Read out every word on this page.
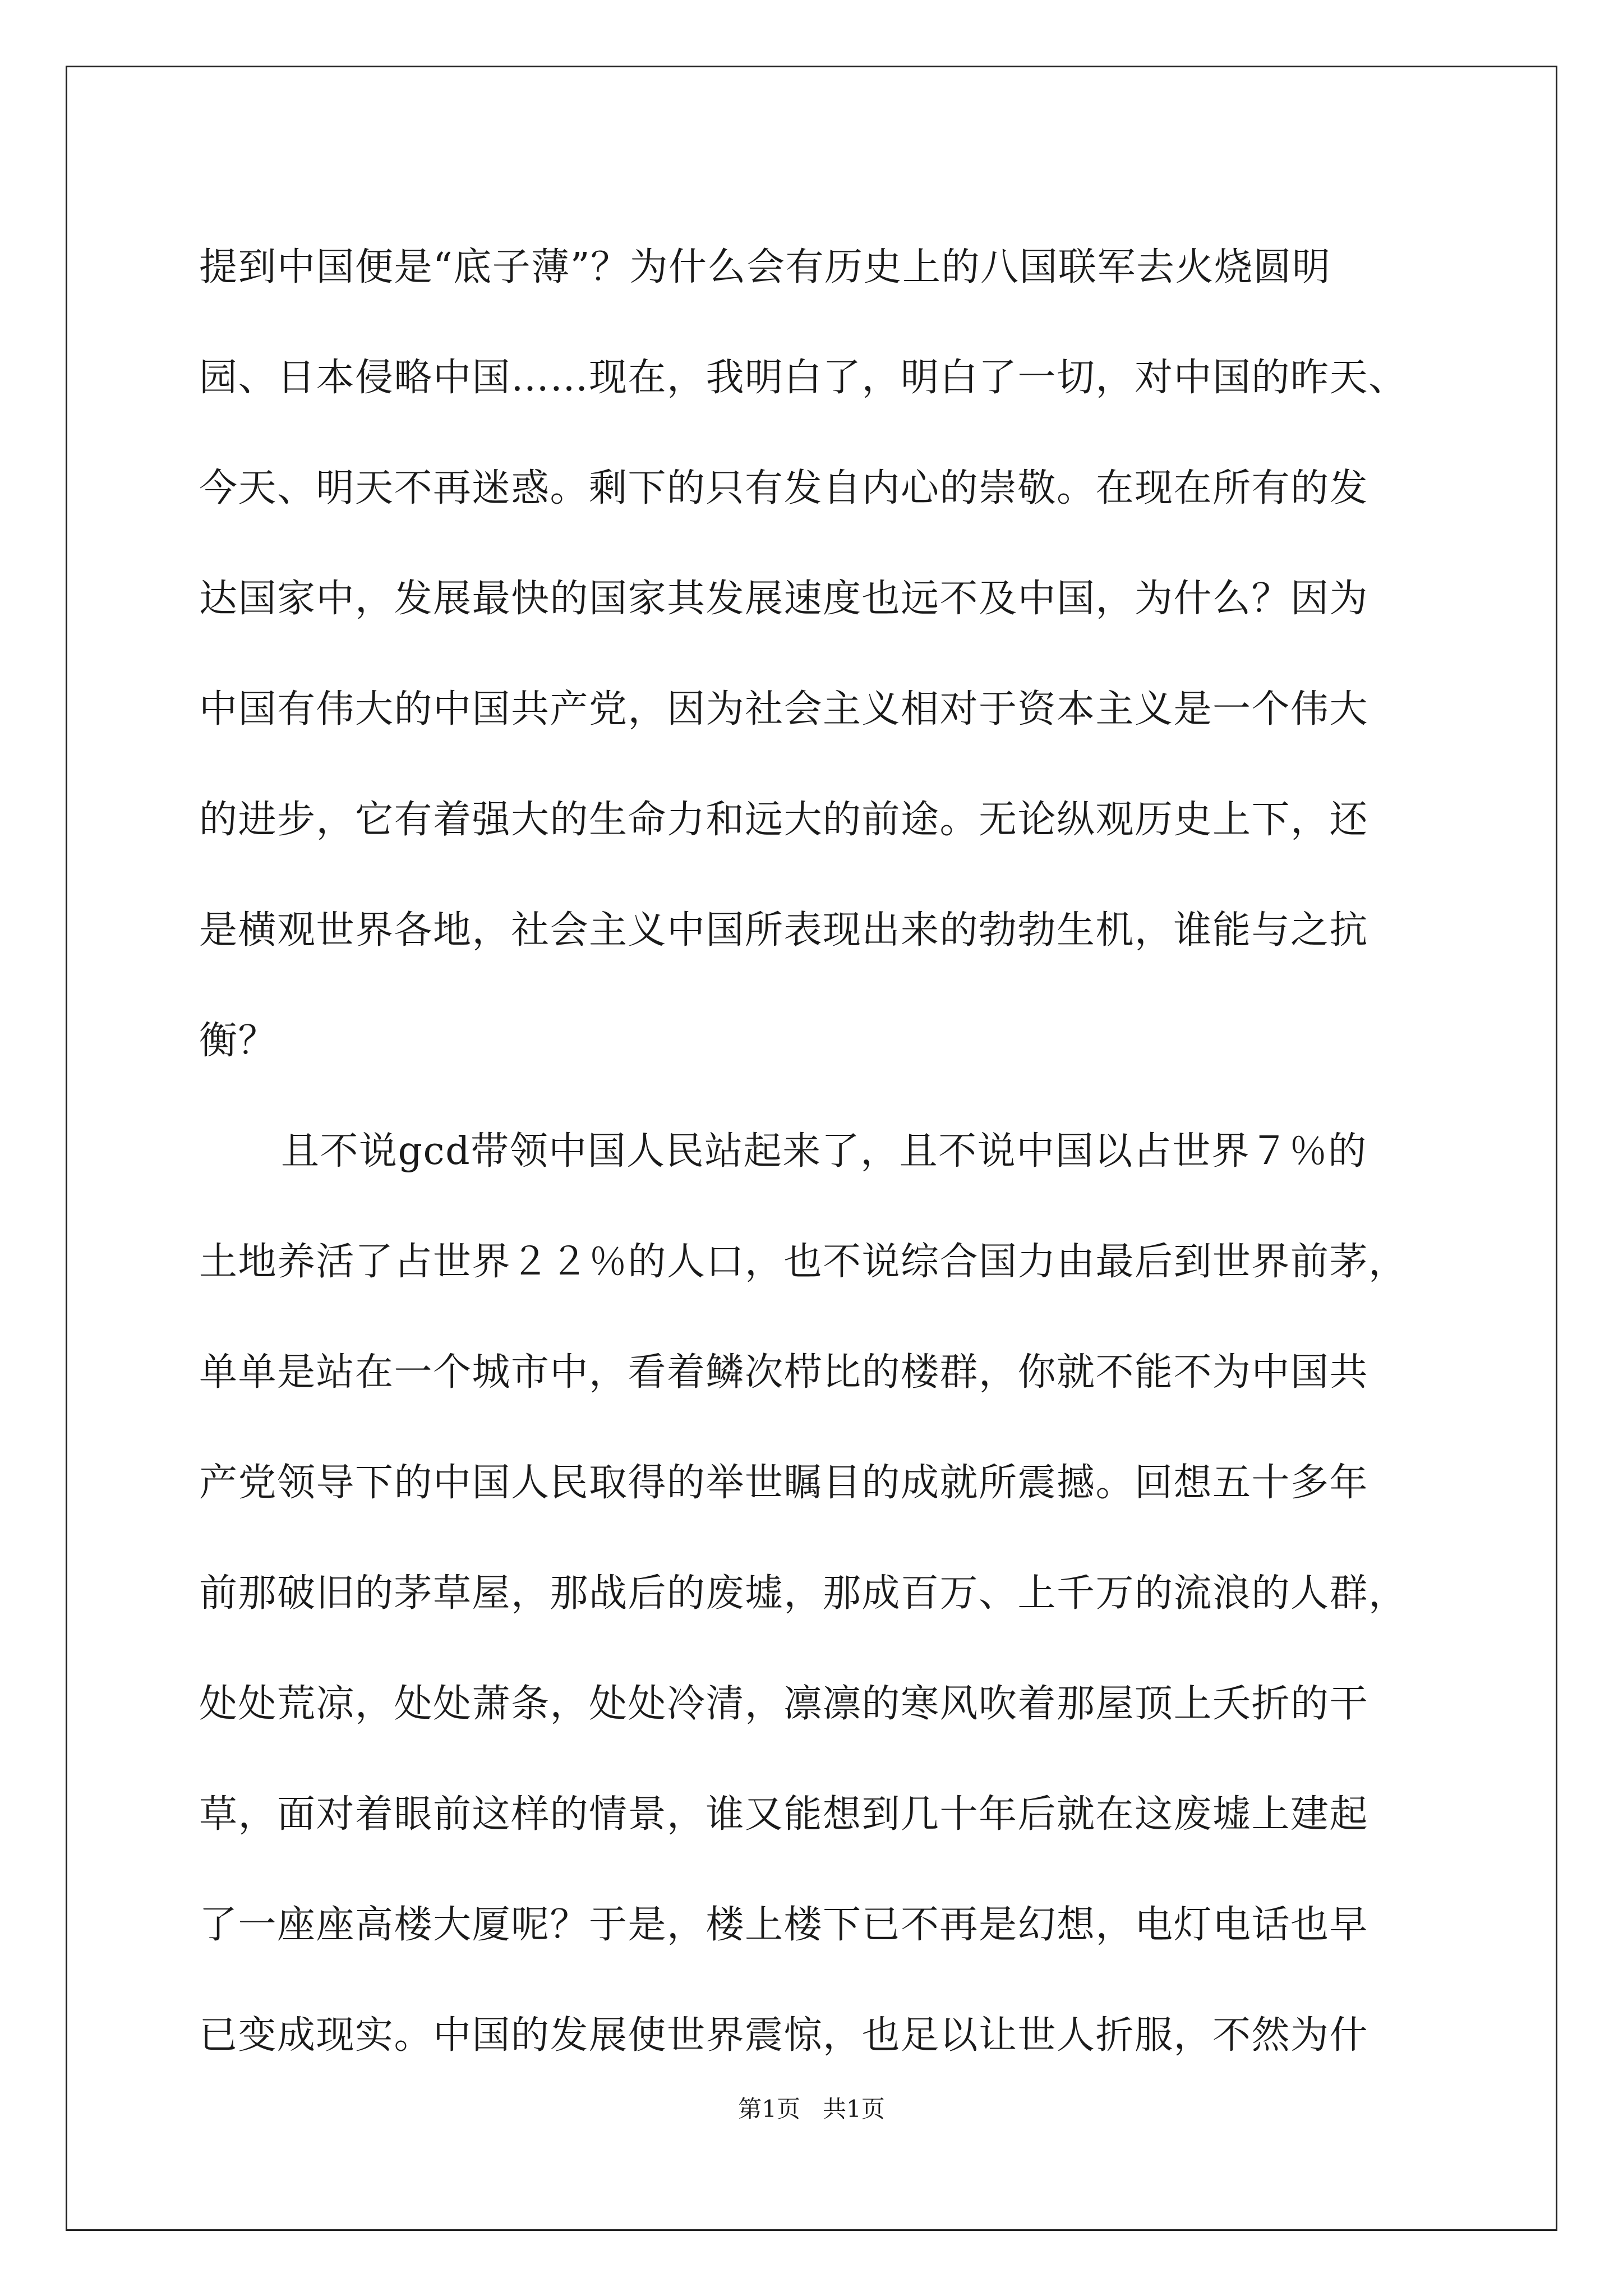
提到中国便是“底子薄”？为什么会有历史上的八国联军去火烧圆明
园、日本侵略中国……现在，我明白了，明白了一切，对中国的昨天、
今天、明天不再迷惑。剩下的只有发自内心的崇敬。在现在所有的发
达国家中，发展最快的国家其发展速度也远不及中国，为什么？因为
中国有伟大的中国共产党，因为社会主义相对于资本主义是一个伟大
的进步，它有着强大的生命力和远大的前途。无论纵观历史上下，还
是横观世界各地，社会主义中国所表现出来的勃勃生机，谁能与之抗
衡？
且不说gcd带领中国人民站起来了，且不说中国以占世界７％的
土地养活了占世界２２％的人口，也不说综合国力由最后到世界前茅，
单单是站在一个城市中，看着鳞次栉比的楼群，你就不能不为中国共
产党领导下的中国人民取得的举世瞩目的成就所震撼。回想五十多年
前那破旧的茅草屋，那战后的废墟，那成百万、上千万的流浪的人群，
处处荒凉，处处萧条，处处冷清，凛凛的寒风吹着那屋顶上夭折的干
草，面对着眼前这样的情景，谁又能想到几十年后就在这废墟上建起
了一座座高楼大厦呢？于是，楼上楼下已不再是幻想，电灯电话也早
已变成现实。中国的发展使世界震惊，也足以让世人折服，不然为什
第1页 共1页
